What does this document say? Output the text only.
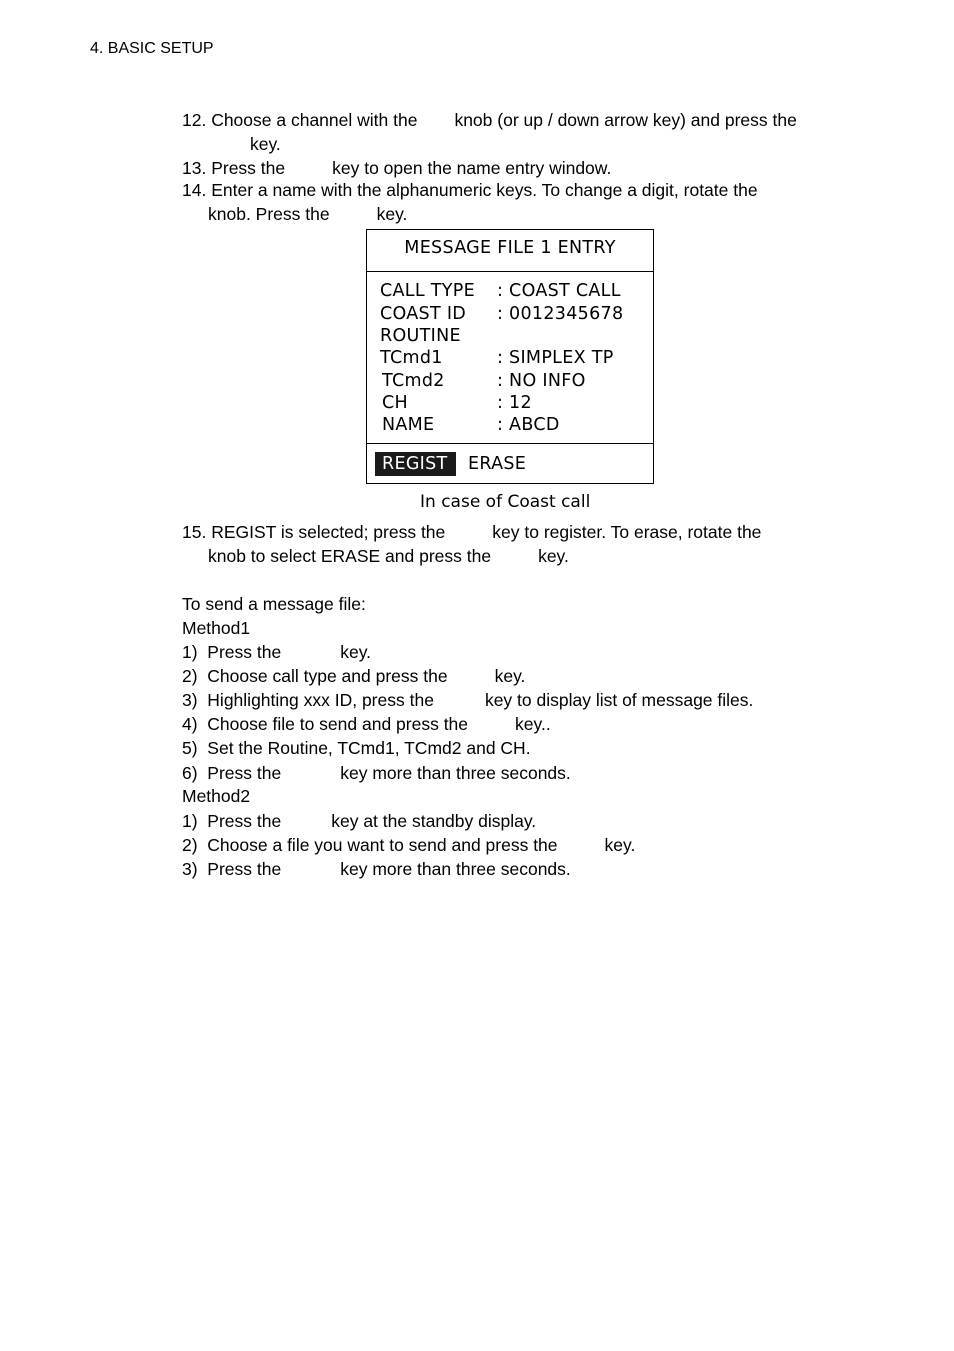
4. BASIC SETUP
12. Choose a channel with the knob (or up / down arrow key) and press the
key.
13. Press the	key to open the name entry window.
14. Enter a name with the alphanumeric keys. To change a digit, rotate the
knob. Press the	key.
MESSAGE FILE 1 ENTRY
CALL TYPE : COAST CALL
COAST ID : 0012345678
ROUTINE
TCmd1	: SIMPLEX TP
TCmd2	: NO INFO
CH	: 12
NAME	: ABCD
REGIST	ERASE
In case of Coast call
15. REGIST is selected; press the	key to register. To erase, rotate the
knob to select ERASE and press the	key.
To send a message file:
Method1
1) Press the	key.
2) Choose call type and press the	key.
3) Highlighting xxx ID, press the	key to display list of message files.
4) Choose file to send and press the	key..
5) Set the Routine, TCmd1, TCmd2 and CH.
6) Press the	key more than three seconds.
Method2
1) Press the	key at the standby display.
2) Choose a file you want to send and press the	key.
3) Press the	key more than three seconds.
